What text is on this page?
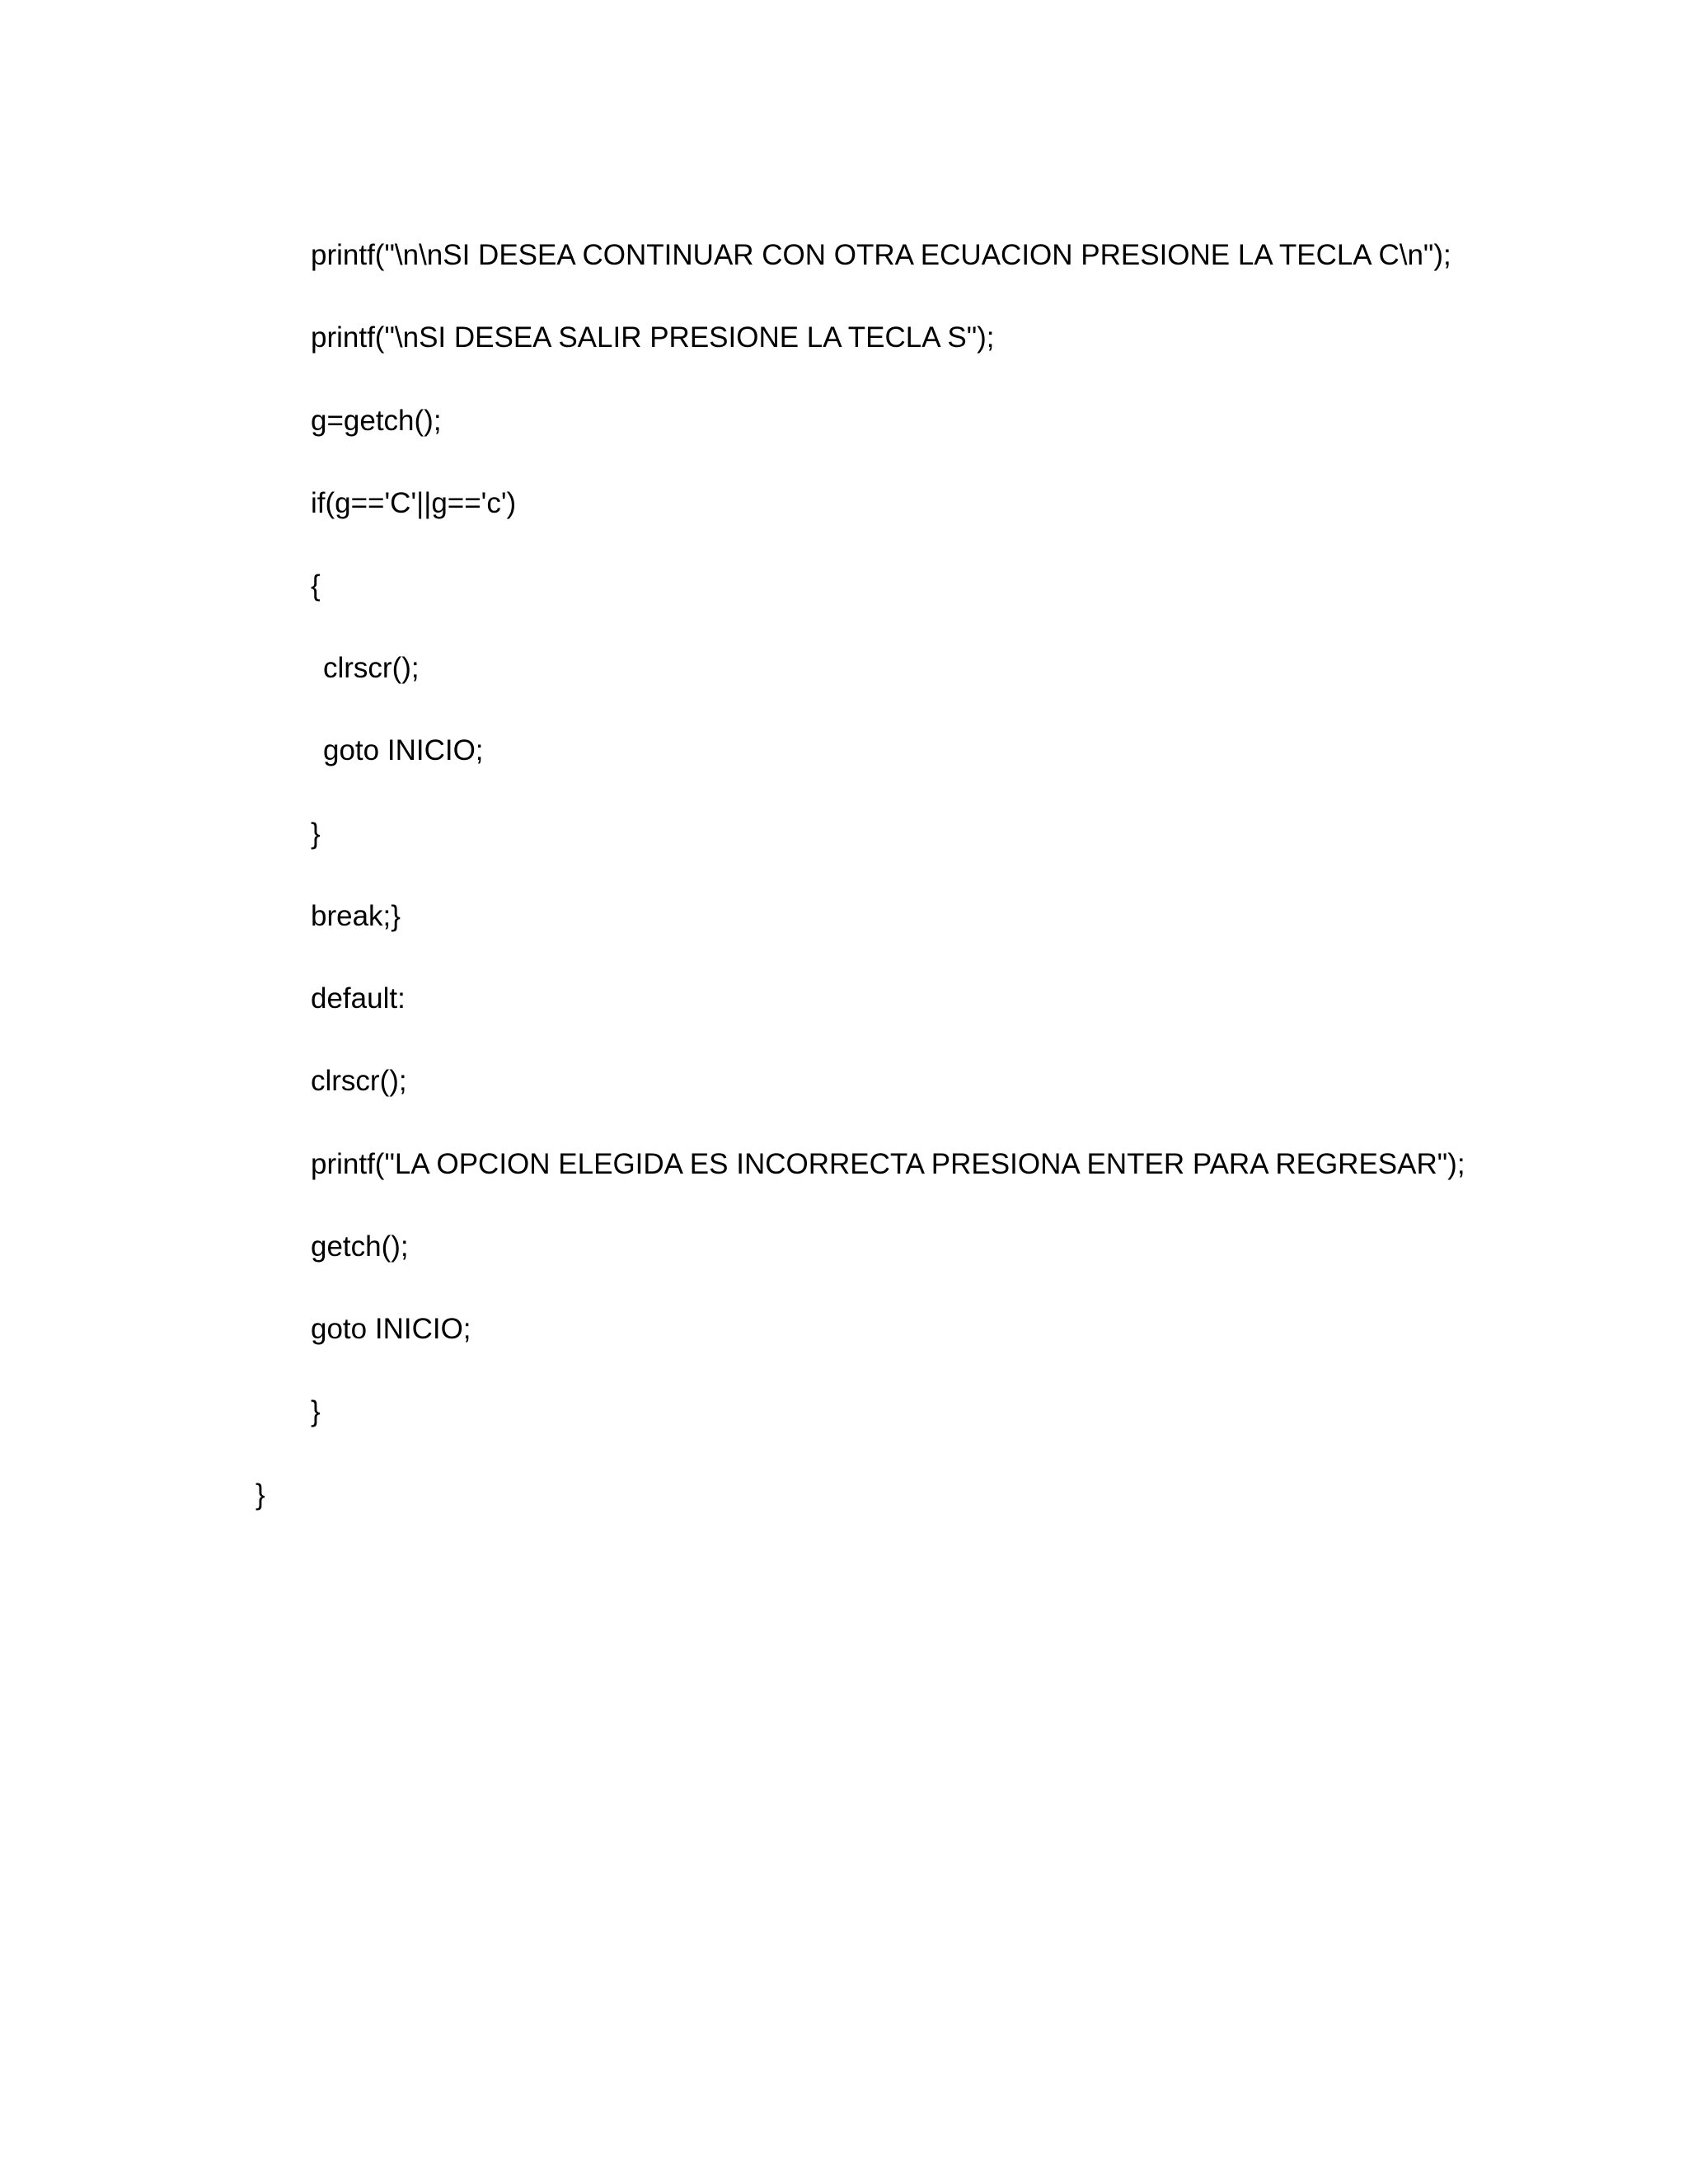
printf("\n\nSI DESEA CONTINUAR CON OTRA ECUACION PRESIONE LA TECLA C\n");

printf("\nSI DESEA SALIR PRESIONE LA TECLA S");

g=getch();

if(g=='C'||g=='c')

{

clrscr();

goto INICIO;

}

break;}

default:

clrscr();

printf("LA OPCION ELEGIDA ES INCORRECTA PRESIONA ENTER PARA REGRESAR");

getch();

goto INICIO;

}

}
